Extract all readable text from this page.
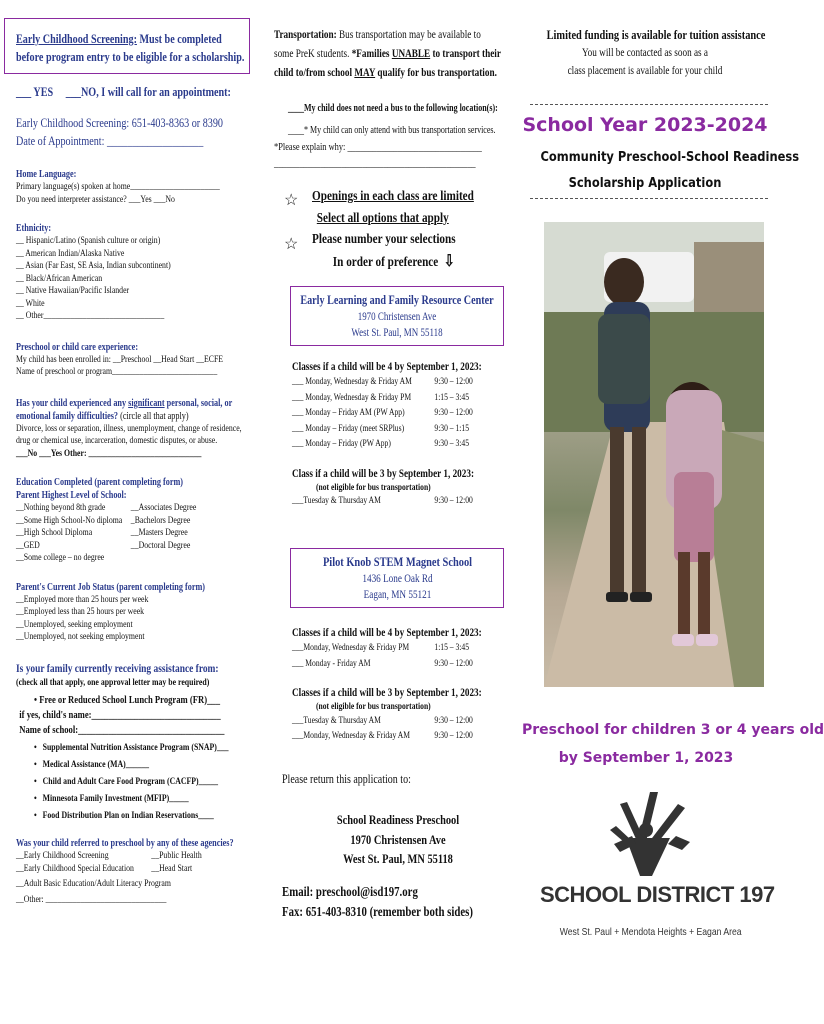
Early Childhood Screening: Must be completed
before program entry to be eligible for a scholarship.
___ YES ___NO, I will call for an appointment:
Early Childhood Screening: 651-403-8363 or 8390
Date of Appointment: ___________________
Home Language:
Primary language(s) spoken at home_______________________
Do you need interpreter assistance? ___Yes ___No
Ethnicity:
__ Hispanic/Latino (Spanish culture or origin)
__ American Indian/Alaska Native
__ Asian (Far East, SE Asia, Indian subcontinent)
__ Black/African American
__ Native Hawaiian/Pacific Islander
__ White
__ Other_______________________________
Preschool or child care experience:
My child has been enrolled in: __Preschool __Head Start __ECFE
Name of preschool or program___________________________
Has your child experienced any significant personal, social, or
emotional family difficulties? (circle all that apply)
Divorce, loss or separation, illness, unemployment, change of residence,
drug or chemical use, incarceration, domestic disputes, or abuse.
___No ___Yes Other: _____________________________
Education Completed (parent completing form)
Parent Highest Level of School:
__Nothing beyond 8th grade
__Some High School-No diploma
__High School Diploma
__GED
__Some college – no degree
__Associates Degree
_Bachelors Degree
__Masters Degree
__Doctoral Degree
Parent's Current Job Status (parent completing form)
__Employed more than 25 hours per week
__Employed less than 25 hours per week
__Unemployed, seeking employment
__Unemployed, not seeking employment
Is your family currently receiving assistance from:
(check all that apply, one approval letter may be required)
• Free or Reduced School Lunch Program (FR)___
if yes, child's name:______________________________
Name of school:__________________________________
•   Supplemental Nutrition Assistance Program (SNAP)___
•   Medical Assistance (MA)______
•   Child and Adult Care Food Program (CACFP)_____
•   Minnesota Family Investment (MFIP)_____
•   Food Distribution Plan on Indian Reservations____
Was your child referred to preschool by any of these agencies?
__Early Childhood Screening
__Early Childhood Special Education
__Public Health
__Head Start
__Adult Basic Education/Adult Literacy Program
__Other: _______________________________
Transportation: Bus transportation may be available to
some PreK students. *Families UNABLE to transport their
child to/from school MAY qualify for bus transportation.
____My child does not need a bus to the following location(s):
____* My child can only attend with bus transportation services.
*Please explain why: ________________________________
________________________________________________
☆
☆
Openings in each class are limited
Select all options that apply
Please number your selections
In order of preference ⇩
Early Learning and Family Resource Center
1970 Christensen Ave
West St. Paul, MN 55118
Classes if a child will be 4 by September 1, 2023:
___ Monday, Wednesday & Friday AM	9:30 – 12:00
___ Monday, Wednesday & Friday PM	1:15 – 3:45
___ Monday – Friday AM (PW App)	9:30 – 12:00
___ Monday – Friday (meet SRPlus)	9:30 – 1:15
___ Monday – Friday (PW App)	9:30 – 3:45
Class if a child will be 3 by September 1, 2023:
(not eligible for bus transportation)
___Tuesday & Thursday AM	9:30 – 12:00
Pilot Knob STEM Magnet School
1436 Lone Oak Rd
Eagan, MN 55121
Classes if a child will be 4 by September 1, 2023:
___Monday, Wednesday & Friday PM	1:15 – 3:45
___ Monday - Friday AM	9:30 – 12:00
Classes if a child will be 3 by September 1, 2023:
(not eligible for bus transportation)
___Tuesday & Thursday AM	9:30 – 12:00
___Monday, Wednesday & Friday AM	9:30 – 12:00
Please return this application to:
School Readiness Preschool
1970 Christensen Ave
West St. Paul, MN 55118
Email: preschool@isd197.org
Fax: 651-403-8310 (remember both sides)
Limited funding is available for tuition assistance
You will be contacted as soon as a
class placement is available for your child
School Year 2023-2024
Community Preschool-School Readiness
Scholarship Application
Preschool for children 3 or 4 years old
by September 1, 2023
SCHOOL DISTRICT 197
West St. Paul + Mendota Heights + Eagan Area
